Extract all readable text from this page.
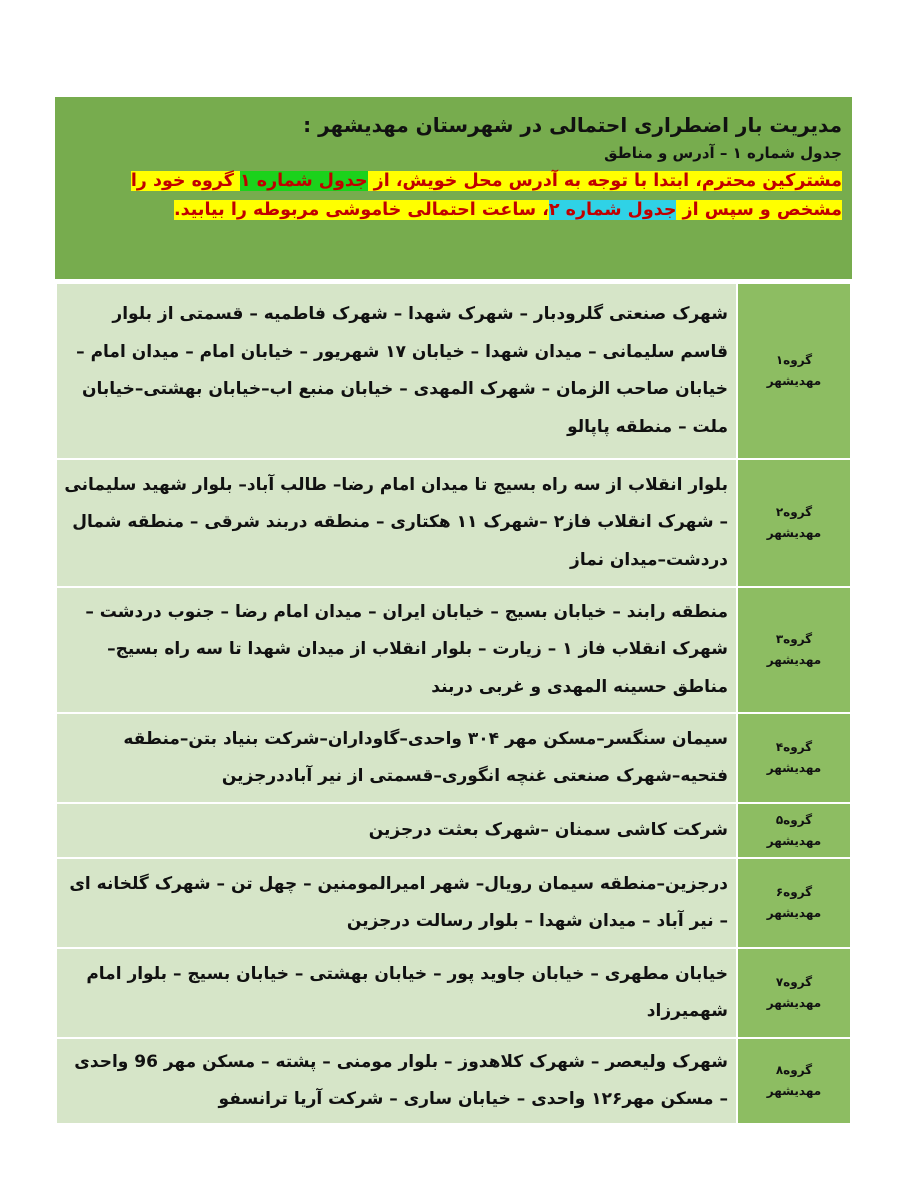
مدیریت بار اضطراری احتمالی در شهرستان مهدیشهر :

جدول شماره ۱ – آدرس و مناطق

مشترکین محترم، ابتدا با توجه به آدرس محل خویش، از جدول شماره ۱ گروه خود را مشخص و سپس از جدول شماره ۲، ساعت احتمالی خاموشی مربوطه را بیابید.

گروه۱
مهدیشهر	شهرک صنعتی گلرودبار – شهرک شهدا – شهرک فاطمیه – قسمتی از بلوار قاسم سلیمانی – میدان شهدا – خیابان ۱۷ شهریور – خیابان امام – میدان امام – خیابان صاحب الزمان – شهرک المهدی – خیابان منبع اب–خیابان بهشتی–خیابان ملت – منطقه پاپالو

گروه۲
مهدیشهر	بلوار انقلاب از سه راه بسیج تا میدان امام رضا– طالب آباد– بلوار شهید سلیمانی – شهرک انقلاب فاز۲ –شهرک ۱۱ هکتاری – منطقه دربند شرقی – منطقه شمال دردشت–میدان نماز

گروه۳
مهدیشهر	منطقه رابند – خیابان بسیج – خیابان ایران – میدان امام رضا – جنوب دردشت – شهرک انقلاب فاز ۱ – زیارت – بلوار انقلاب از میدان شهدا تا سه راه بسیج–مناطق حسینه المهدی و غربی دربند

گروه۴
مهدیشهر	سیمان سنگسر–مسکن مهر ۳۰۴ واحدی–گاوداران–شرکت بنیاد بتن–منطقه فتحیه–شهرک صنعتی غنچه انگوری–قسمتی از نیر آباددرجزین

گروه۵
مهدیشهر	شرکت کاشی سمنان –شهرک بعثت درجزین

گروه۶
مهدیشهر	درجزین–منطقه سیمان رویال– شهر امیرالمومنین – چهل تن – شهرک گلخانه ای – نیر آباد – میدان شهدا – بلوار رسالت درجزین

گروه۷
مهدیشهر	خیابان مطهری – خیابان جاوید پور – خیابان بهشتی – خیابان بسیج – بلوار امام شهمیرزاد

گروه۸
مهدیشهر	شهرک ولیعصر – شهرک کلاهدوز – بلوار مومنی – پشته – مسکن مهر 96 واحدی – مسکن مهر۱۲۶ واحدی – خیابان ساری – شرکت آریا ترانسفو
